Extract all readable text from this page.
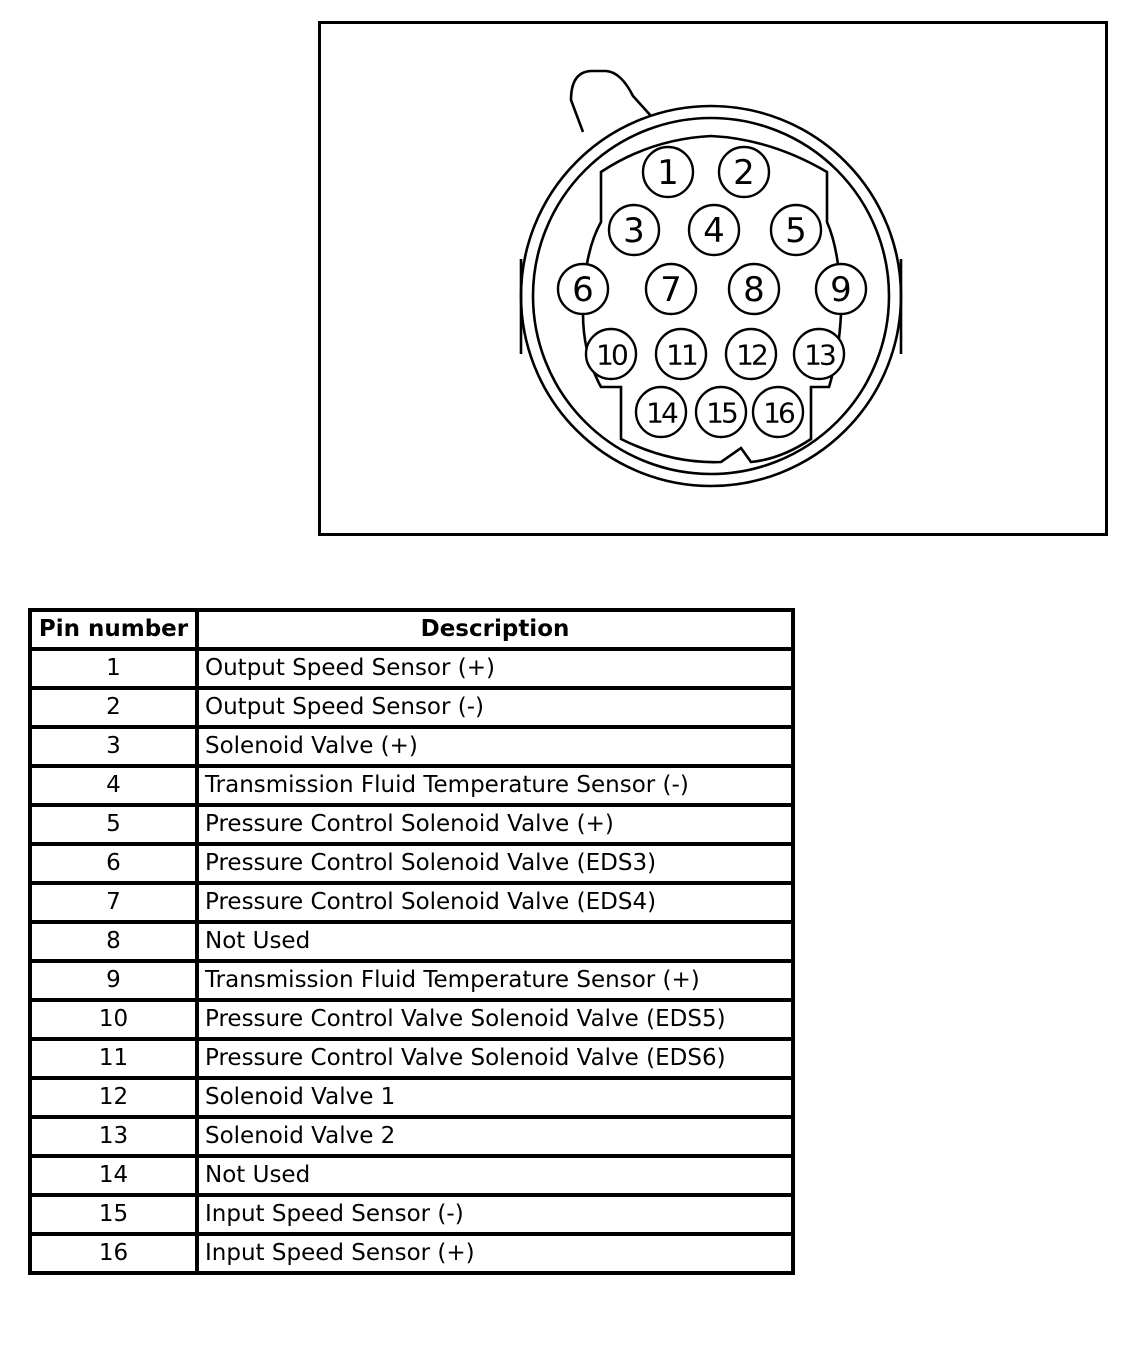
1 2
3 4 5
6 7 8 9
10 11 12 13
14 15 16
Pin number	Description
1	Output Speed Sensor (+)
2	Output Speed Sensor (-)
3	Solenoid Valve (+)
4	Transmission Fluid Temperature Sensor (-)
5	Pressure Control Solenoid Valve (+)
6	Pressure Control Solenoid Valve (EDS3)
7	Pressure Control Solenoid Valve (EDS4)
8	Not Used
9	Transmission Fluid Temperature Sensor (+)
10	Pressure Control Valve Solenoid Valve (EDS5)
11	Pressure Control Valve Solenoid Valve (EDS6)
12	Solenoid Valve 1
13	Solenoid Valve 2
14	Not Used
15	Input Speed Sensor (-)
16	Input Speed Sensor (+)
